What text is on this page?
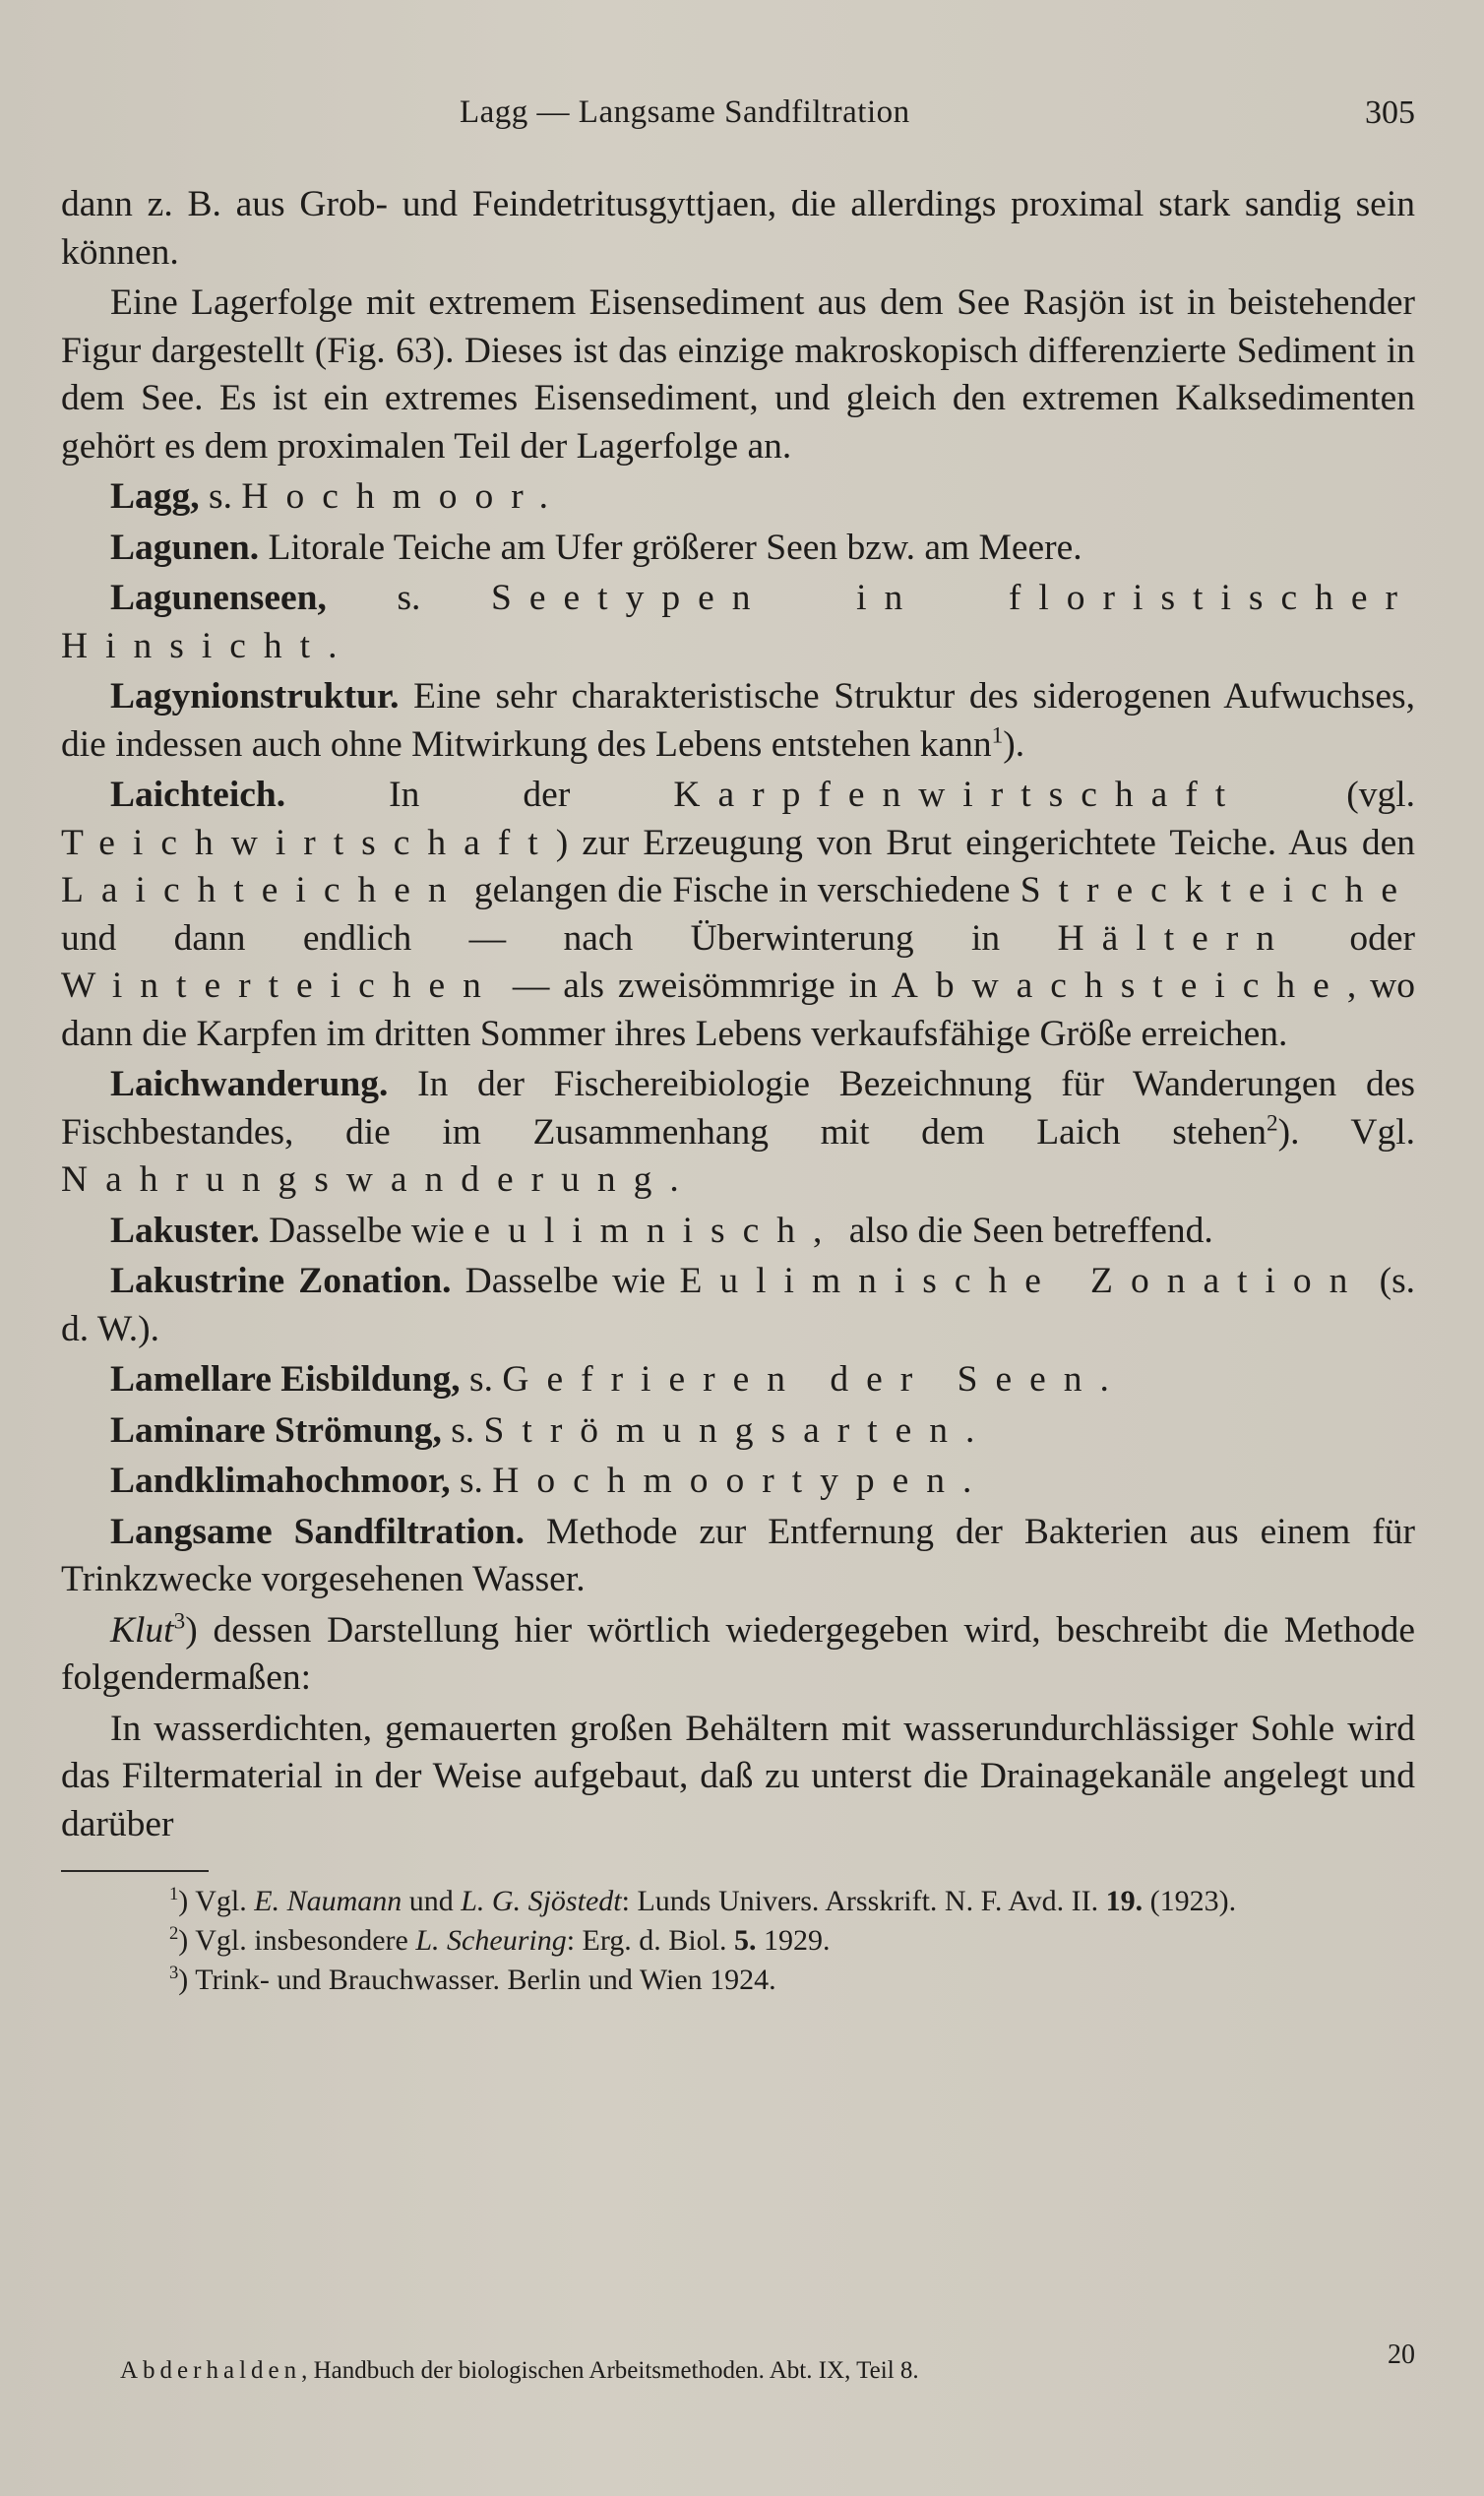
Lagg — Langsame Sandfiltration	305

dann z. B. aus Grob- und Feindetritusgyttjaen, die allerdings proximal stark sandig sein können.

Eine Lagerfolge mit extremem Eisensediment aus dem See Rasjön ist in beistehender Figur dargestellt (Fig. 63). Dieses ist das einzige makroskopisch differenzierte Sediment in dem See. Es ist ein extremes Eisensediment, und gleich den extremen Kalksedimenten gehört es dem proximalen Teil der Lagerfolge an.

Lagg, s. Hochmoor.

Lagunen. Litorale Teiche am Ufer größerer Seen bzw. am Meere.

Lagunenseen, s. Seetypen in floristischer Hinsicht.

Lagynionstruktur. Eine sehr charakteristische Struktur des siderogenen Aufwuchses, die indessen auch ohne Mitwirkung des Lebens entstehen kann$^1$).

Laichteich.	In der	Karpfenwirtschaft	(vgl. Teichwirtschaft) zur Erzeugung von Brut eingerichtete Teiche. Aus den Laichteichen gelangen die Fische in verschiedene Streckteiche und dann endlich — nach Überwinterung in Hältern oder Winterteichen — als zweisömmrige in Abwachsteiche, wo dann die Karpfen im dritten Sommer ihres Lebens verkaufsfähige Größe erreichen.

Laichwanderung. In der Fischereibiologie Bezeichnung für Wanderungen des Fischbestandes, die im Zusammenhang mit dem Laich stehen$^2$). Vgl. Nahrungswanderung.

Lakuster. Dasselbe wie eulimnisch, also die Seen betreffend.

Lakustrine Zonation. Dasselbe wie Eulimnische Zonation (s. d. W.).

Lamellare Eisbildung, s. Gefrieren der Seen.

Laminare Strömung, s. Strömungsarten.

Landklimahochmoor, s. Hochmoortypen.

Langsame Sandfiltration. Methode zur Entfernung der Bakterien aus einem für Trinkzwecke vorgesehenen Wasser.

Klut$^3$) dessen Darstellung hier wörtlich wiedergegeben wird, beschreibt die Methode folgendermaßen:

In wasserdichten, gemauerten großen Behältern mit wasserundurchlässiger Sohle wird das Filtermaterial in der Weise aufgebaut, daß zu unterst die Drainagekanäle angelegt und darüber

$^1$) Vgl. E. Naumann und L. G. Sjöstedt: Lunds Univers. Arsskrift. N. F. Avd. II. 19. (1923).

$^2$) Vgl. insbesondere L. Scheuring: Erg. d. Biol. 5. 1929.

$^3$) Trink- und Brauchwasser. Berlin und Wien 1924.

Abderhalden, Handbuch der biologischen Arbeitsmethoden. Abt. IX, Teil 8.
20
